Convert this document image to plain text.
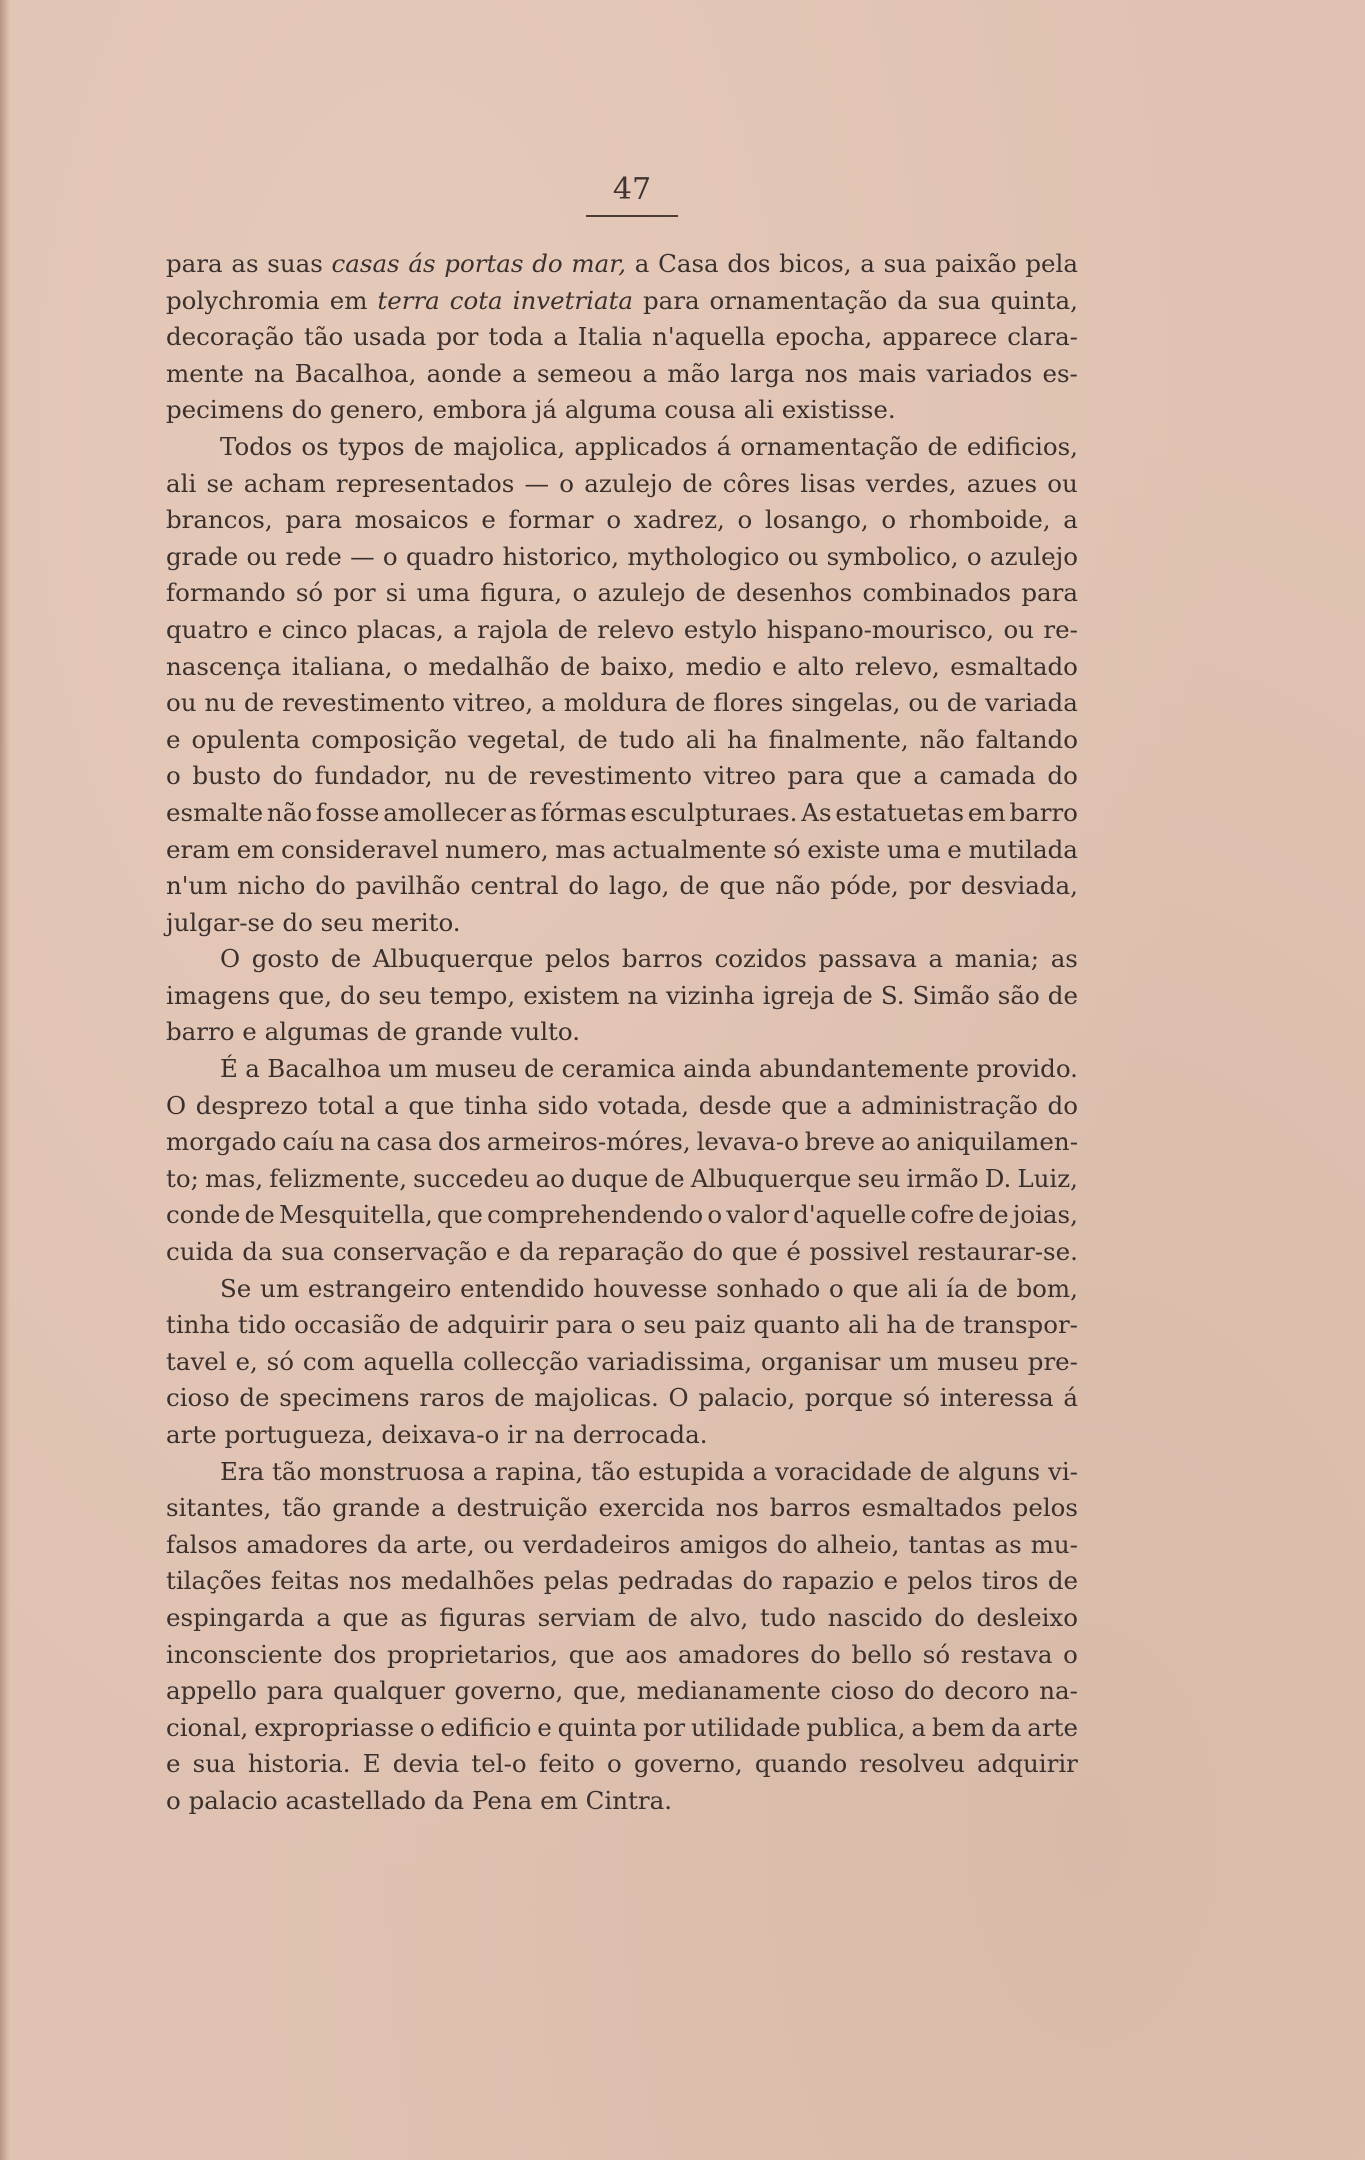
47
para as suas casas ás portas do mar, a Casa dos bicos, a sua paixão pela
polychromia em terra cota invetriata para ornamentação da sua quinta,
decoração tão usada por toda a Italia n'aquella epocha, apparece clara-
mente na Bacalhoa, aonde a semeou a mão larga nos mais variados es-
pecimens do genero, embora já alguma cousa ali existisse.
Todos os typos de majolica, applicados á ornamentação de edificios,
ali se acham representados — o azulejo de côres lisas verdes, azues ou
brancos, para mosaicos e formar o xadrez, o losango, o rhomboide, a
grade ou rede — o quadro historico, mythologico ou symbolico, o azulejo
formando só por si uma figura, o azulejo de desenhos combinados para
quatro e cinco placas, a rajola de relevo estylo hispano-mourisco, ou re-
nascença italiana, o medalhão de baixo, medio e alto relevo, esmaltado
ou nu de revestimento vitreo, a moldura de flores singelas, ou de variada
e opulenta composição vegetal, de tudo ali ha finalmente, não faltando
o busto do fundador, nu de revestimento vitreo para que a camada do
esmalte não fosse amollecer as fórmas esculpturaes. As estatuetas em barro
eram em consideravel numero, mas actualmente só existe uma e mutilada
n'um nicho do pavilhão central do lago, de que não póde, por desviada,
julgar-se do seu merito.
O gosto de Albuquerque pelos barros cozidos passava a mania; as
imagens que, do seu tempo, existem na vizinha igreja de S. Simão são de
barro e algumas de grande vulto.
É a Bacalhoa um museu de ceramica ainda abundantemente provido.
O desprezo total a que tinha sido votada, desde que a administração do
morgado caíu na casa dos armeiros-móres, levava-o breve ao aniquilamen-
to; mas, felizmente, succedeu ao duque de Albuquerque seu irmão D. Luiz,
conde de Mesquitella, que comprehendendo o valor d'aquelle cofre de joias,
cuida da sua conservação e da reparação do que é possivel restaurar-se.
Se um estrangeiro entendido houvesse sonhado o que ali ía de bom,
tinha tido occasião de adquirir para o seu paiz quanto ali ha de transpor-
tavel e, só com aquella collecção variadissima, organisar um museu pre-
cioso de specimens raros de majolicas. O palacio, porque só interessa á
arte portugueza, deixava-o ir na derrocada.
Era tão monstruosa a rapina, tão estupida a voracidade de alguns vi-
sitantes, tão grande a destruição exercida nos barros esmaltados pelos
falsos amadores da arte, ou verdadeiros amigos do alheio, tantas as mu-
tilações feitas nos medalhões pelas pedradas do rapazio e pelos tiros de
espingarda a que as figuras serviam de alvo, tudo nascido do desleixo
inconsciente dos proprietarios, que aos amadores do bello só restava o
appello para qualquer governo, que, medianamente cioso do decoro na-
cional, expropriasse o edificio e quinta por utilidade publica, a bem da arte
e sua historia. E devia tel-o feito o governo, quando resolveu adquirir
o palacio acastellado da Pena em Cintra.
